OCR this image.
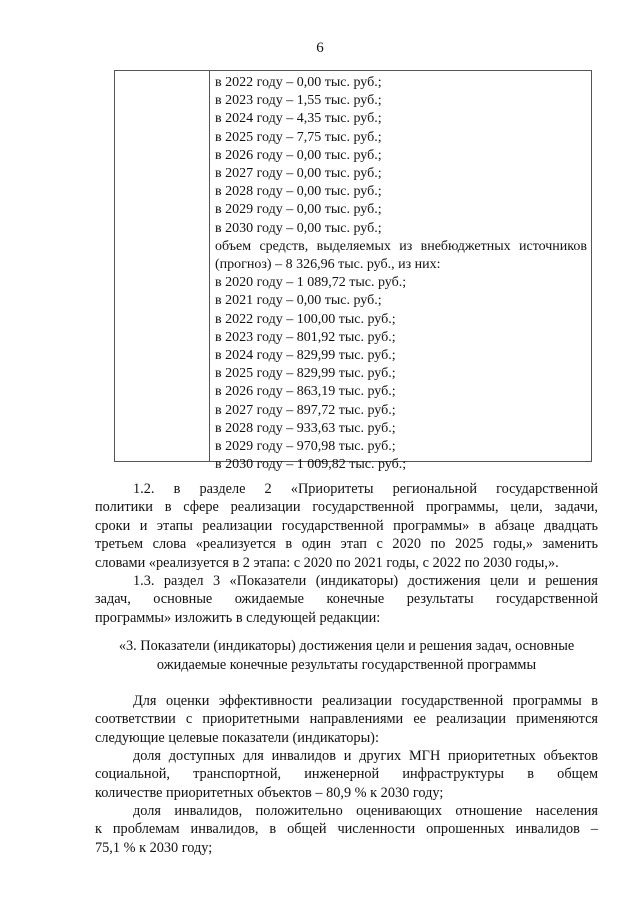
6
в 2022 году – 0,00 тыс. руб.;
в 2023 году – 1,55 тыс. руб.;
в 2024 году – 4,35 тыс. руб.;
в 2025 году – 7,75 тыс. руб.;
в 2026 году – 0,00 тыс. руб.;
в 2027 году – 0,00 тыс. руб.;
в 2028 году – 0,00 тыс. руб.;
в 2029 году – 0,00 тыс. руб.;
в 2030 году – 0,00 тыс. руб.;
объем средств, выделяемых из внебюджетных источников
(прогноз) – 8 326,96 тыс. руб., из них:
в 2020 году – 1 089,72 тыс. руб.;
в 2021 году – 0,00 тыс. руб.;
в 2022 году – 100,00 тыс. руб.;
в 2023 году – 801,92 тыс. руб.;
в 2024 году – 829,99 тыс. руб.;
в 2025 году – 829,99 тыс. руб.;
в 2026 году – 863,19 тыс. руб.;
в 2027 году – 897,72 тыс. руб.;
в 2028 году – 933,63 тыс. руб.;
в 2029 году – 970,98 тыс. руб.;
в 2030 году – 1 009,82 тыс. руб.;
1.2. в разделе 2 «Приоритеты региональной государственной
политики в сфере реализации государственной программы, цели, задачи,
сроки и этапы реализации государственной программы» в абзаце двадцать
третьем слова «реализуется в один этап с 2020 по 2025 годы,» заменить
словами «реализуется в 2 этапа: с 2020 по 2021 годы, с 2022 по 2030 годы,».
1.3. раздел 3 «Показатели (индикаторы) достижения цели и решения
задач, основные ожидаемые конечные результаты государственной
программы» изложить в следующей редакции:
«3. Показатели (индикаторы) достижения цели и решения задач, основные
ожидаемые конечные результаты государственной программы
Для оценки эффективности реализации государственной программы в
соответствии с приоритетными направлениями ее реализации применяются
следующие целевые показатели (индикаторы):
доля доступных для инвалидов и других МГН приоритетных объектов
социальной, транспортной, инженерной инфраструктуры в общем
количестве приоритетных объектов – 80,9 % к 2030 году;
доля инвалидов, положительно оценивающих отношение населения
к проблемам инвалидов, в общей численности опрошенных инвалидов –
75,1 % к 2030 году;
